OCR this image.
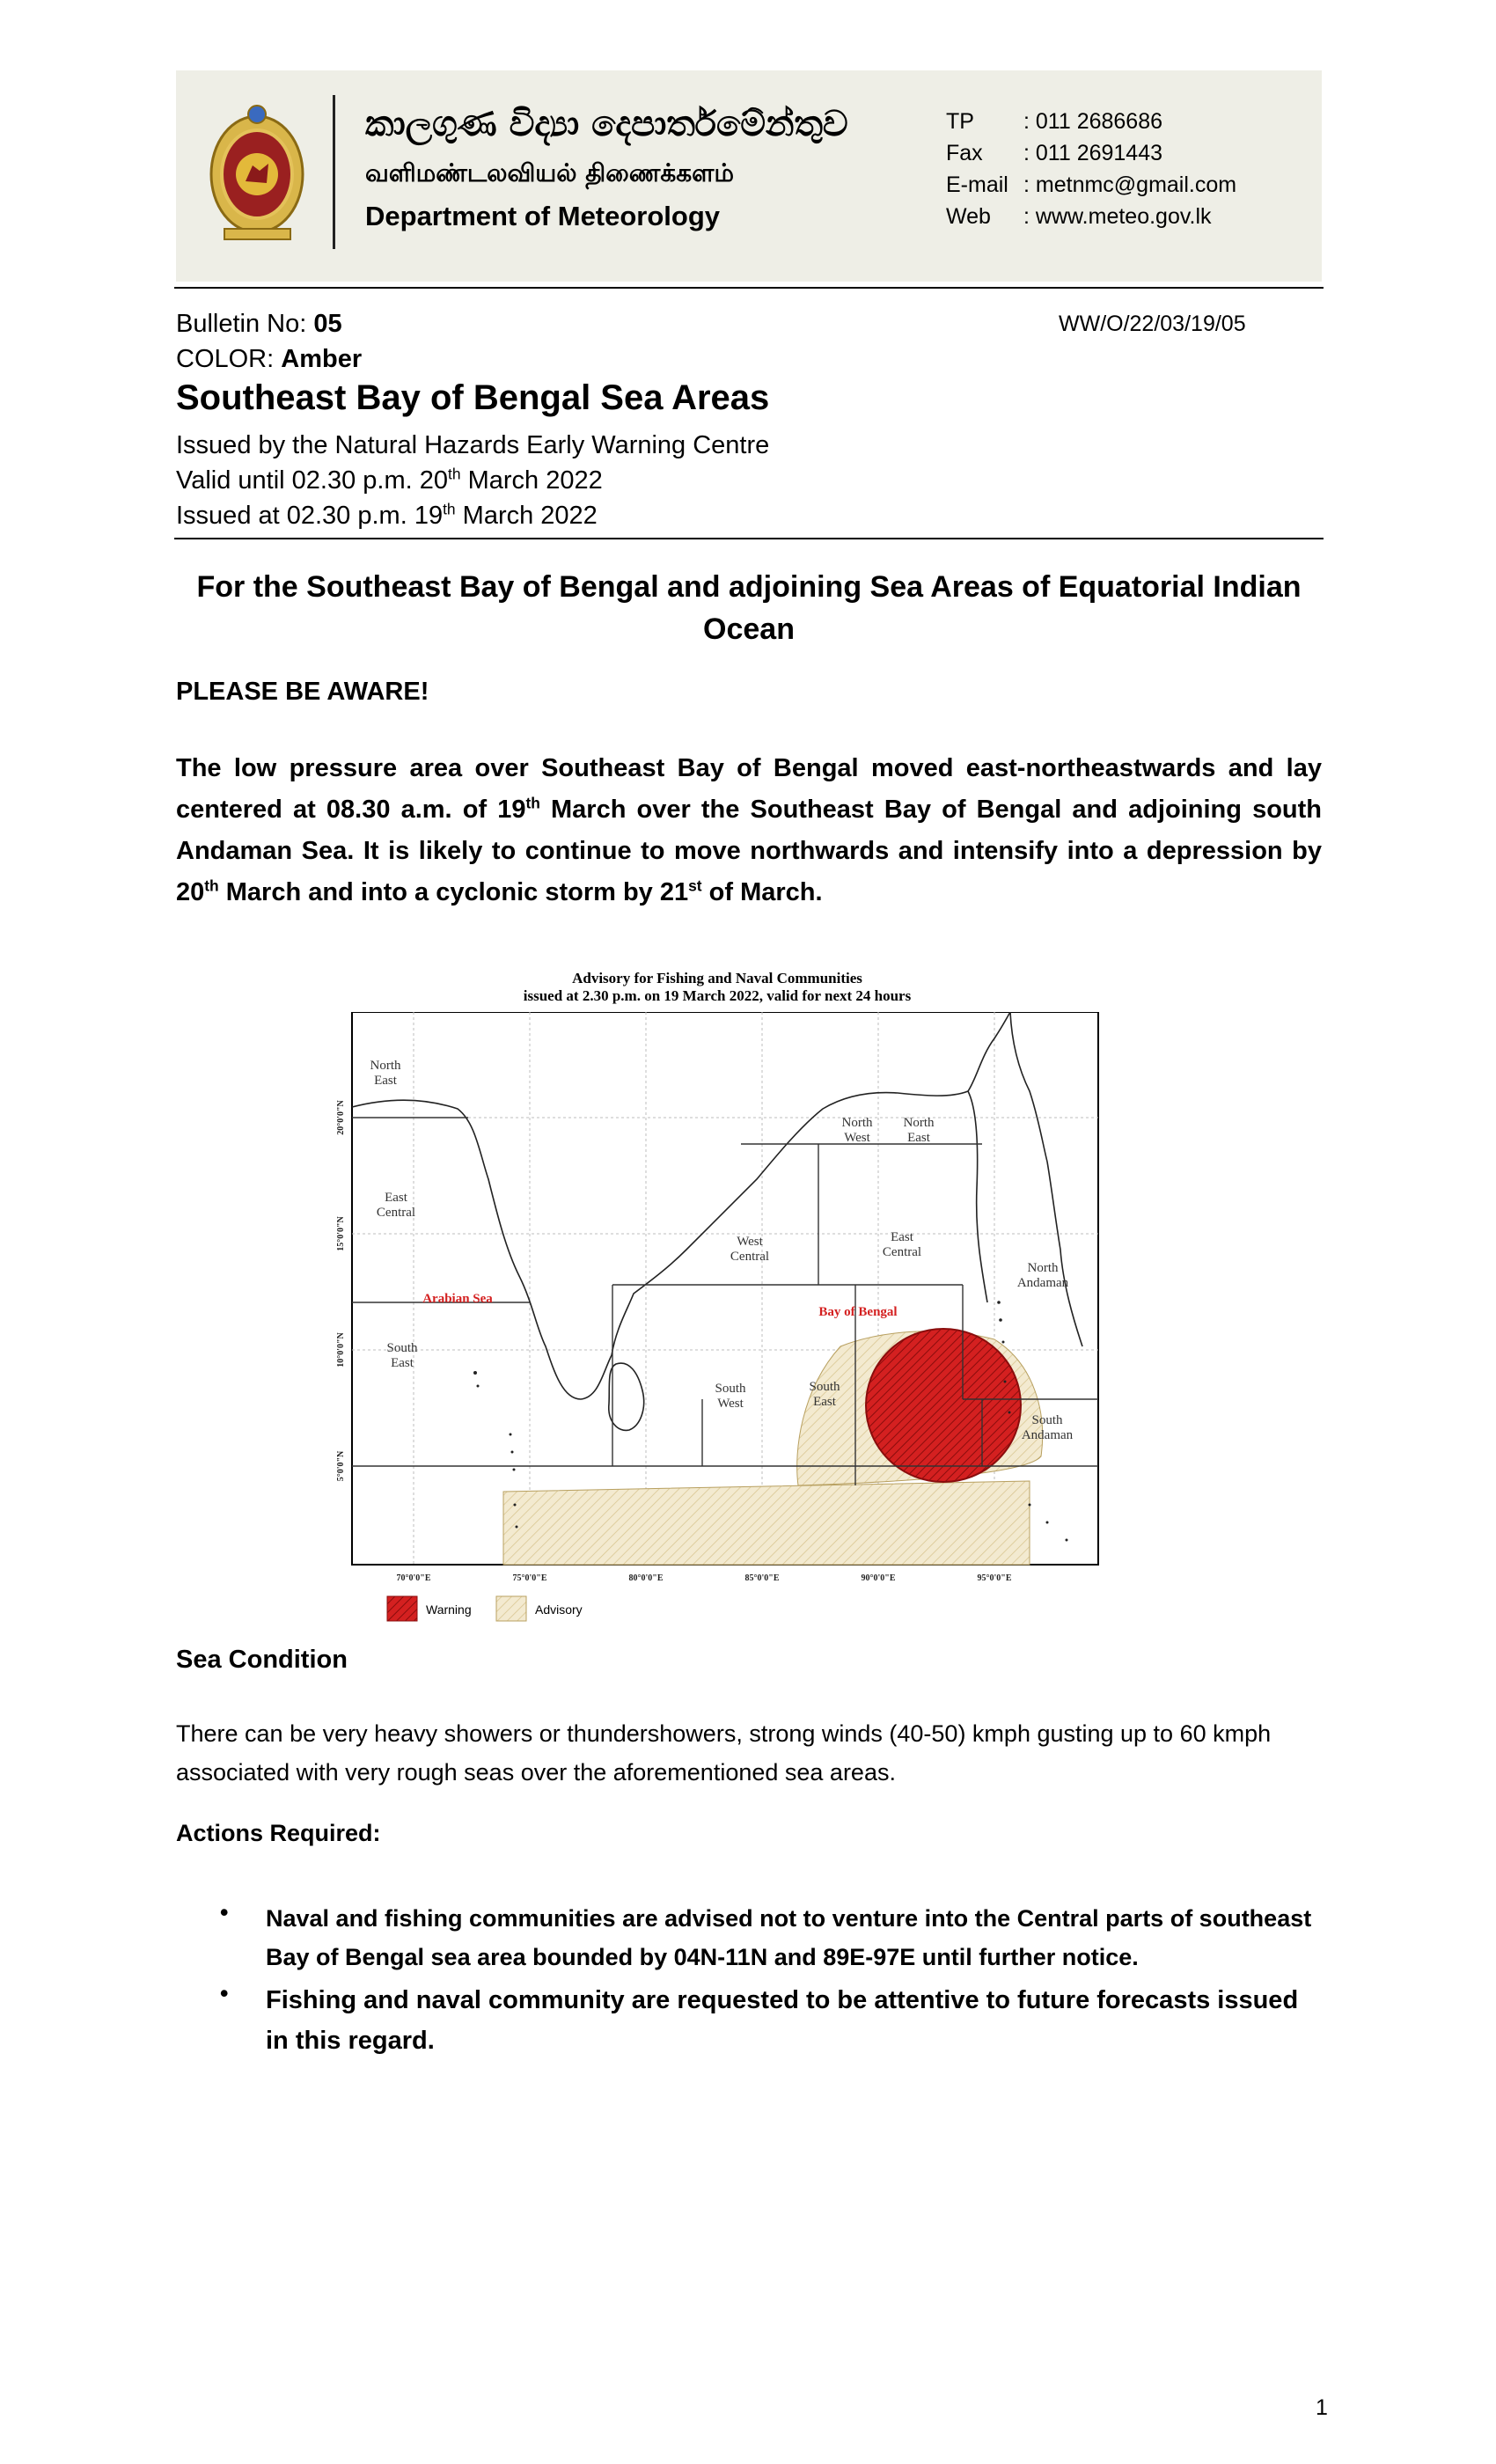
කාලගුණ විද්‍යා දෙපාර්තමේන්තුව
வளிமண்டலவியல் திணைக்களம்
Department of Meteorology
TP : 011 2686686
Fax : 011 2691443
E-mail : metnmc@gmail.com
Web : www.meteo.gov.lk
Bulletin No: 05	WW/O/22/03/19/05
COLOR: Amber
Southeast Bay of Bengal Sea Areas
Issued by the Natural Hazards Early Warning Centre
Valid until 02.30 p.m. 20th March 2022
Issued at 02.30 p.m. 19th March 2022
For the Southeast Bay of Bengal and adjoining Sea Areas of Equatorial Indian Ocean
PLEASE BE AWARE!
The low pressure area over Southeast Bay of Bengal moved east-northeastwards and lay centered at 08.30 a.m. of 19th March over the Southeast Bay of Bengal and adjoining south Andaman Sea. It is likely to continue to move northwards and intensify into a depression by 20th March and into a cyclonic storm by 21st of March.
Advisory for Fishing and Naval Communities
issued at 2.30 p.m. on 19 March 2022, valid for next 24 hours
North
East
East
Central
South
East
North
West
North
East
West
Central
East
Central
South
West
South
East
North
Andaman
South
Andaman
Arabian Sea
Bay of Bengal
70°0'0"E	75°0'0"E	80°0'0"E	85°0'0"E	90°0'0"E	95°0'0"E
20°0'0"N
15°0'0"N
10°0'0"N
5°0'0"N
Warning	Advisory
Sea Condition
There can be very heavy showers or thundershowers, strong winds (40-50) kmph gusting up to 60 kmph associated with very rough seas over the aforementioned sea areas.
Actions Required:
• Naval and fishing communities are advised not to venture into the Central parts of southeast Bay of Bengal sea area bounded by 04N-11N and 89E-97E until further notice.
• Fishing and naval community are requested to be attentive to future forecasts issued in this regard.
1
